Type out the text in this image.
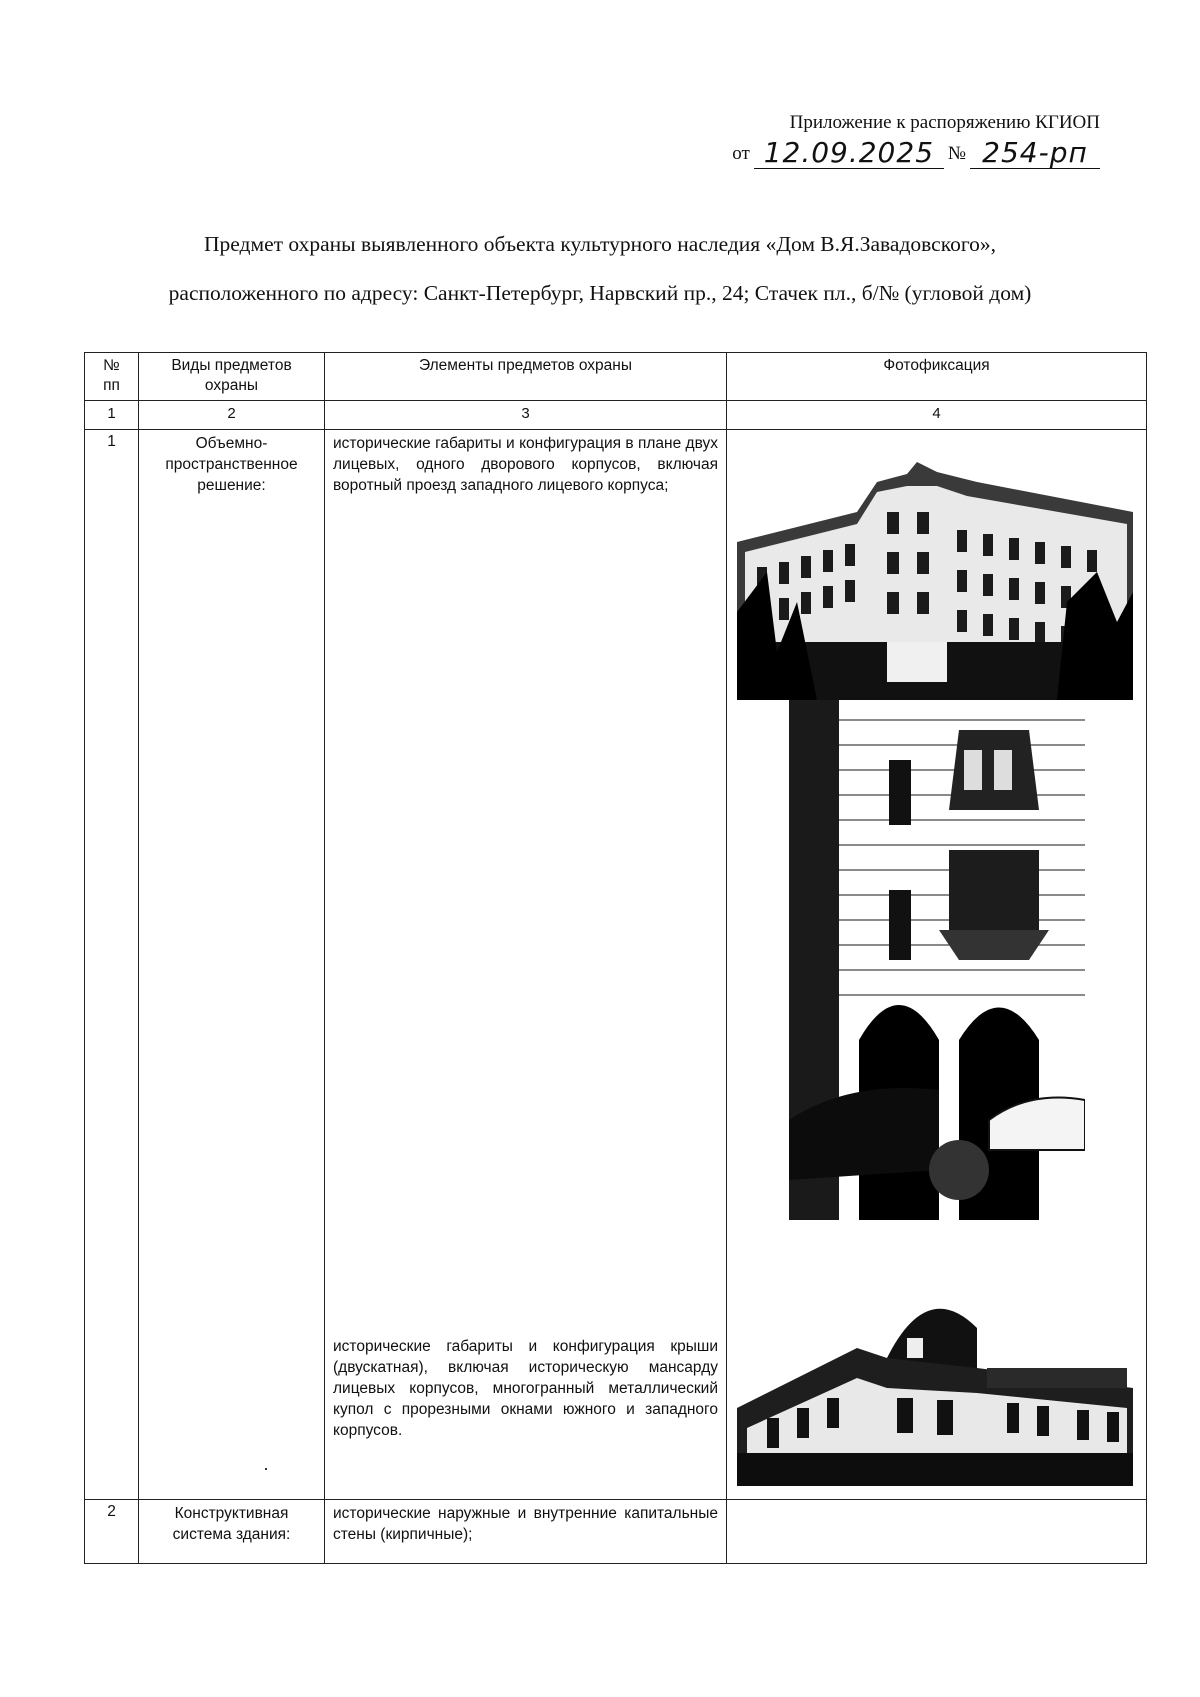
Приложение к распоряжению КГИОП
от 12.09.2025 № 254-рп
Предмет охраны выявленного объекта культурного наследия «Дом В.Я.Завадовского»,
расположенного по адресу: Санкт-Петербург, Нарвский пр., 24; Стачек пл., б/№ (угловой дом)
№ пп	Виды предметов охраны	Элементы предметов охраны	Фотофиксация
1	2	3	4
1	Объемно-пространственное решение:	исторические габариты и конфигурация в плане двух лицевых, одного дворового корпусов, включая воротный проезд западного лицевого корпуса;
исторические габариты и конфигурация крыши (двускатная), включая историческую мансарду лицевых корпусов, многогранный металлический купол с прорезными окнами южного и западного корпусов.

2	Конструктивная система здания:	исторические наружные и внутренние капитальные стены (кирпичные);	
